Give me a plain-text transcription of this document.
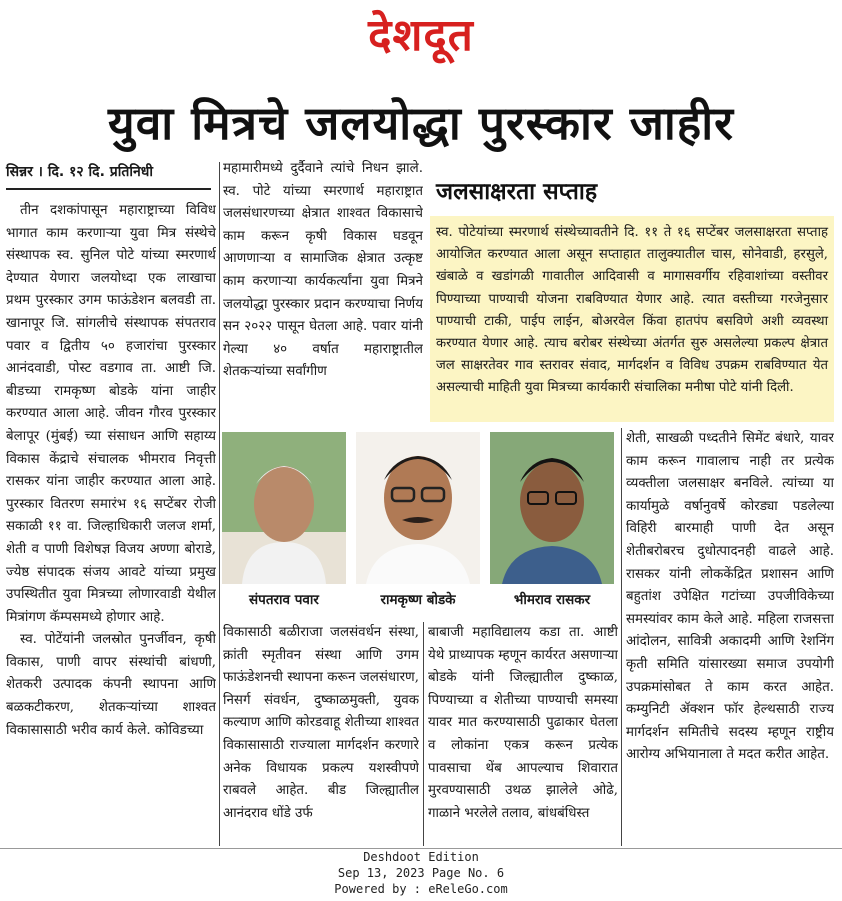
देशदूत
युवा मित्रचे जलयोद्धा पुरस्कार जाहीर
सिन्नर । दि. १२ दि. प्रतिनिधी

तीन दशकांपासून महाराष्ट्राच्या विविध भागात काम करणाऱ्या युवा मित्र संस्थेचे संस्थापक स्व. सुनिल पोटे यांच्या स्मरणार्थ देण्यात येणारा जलयोध्दा एक लाखाचा प्रथम पुरस्कार उगम फाऊंडेशन बलवडी ता. खानापूर जि. सांगलीचे संस्थापक संपतराव पवार व द्वितीय ५० हजारांचा पुरस्कार आनंदवाडी, पोस्ट वडगाव ता. आष्टी जि. बीडच्या रामकृष्ण बोडके यांना जाहीर करण्यात आला आहे. जीवन गौरव पुरस्कार बेलापूर (मुंबई) च्या संसाधन आणि सहाय्य विकास केंद्राचे संचालक भीमराव निवृत्ती रासकर यांना जाहीर करण्यात आला आहे. पुरस्कार वितरण समारंभ १६ सप्टेंबर रोजी सकाळी ११ वा. जिल्हाधिकारी जलज शर्मा, शेती व पाणी विशेषज्ञ विजय अण्णा बोराडे, ज्येष्ठ संपादक संजय आवटे यांच्या प्रमुख उपस्थितीत युवा मित्रच्या लोणारवाडी येथील मित्रांगण कॅम्पसमध्ये होणार आहे.

स्व. पोटेंयांनी जलस्रोत पुनर्जीवन, कृषी विकास, पाणी वापर संस्थांची बांधणी, शेतकरी उत्पादक कंपनी स्थापना आणि बळकटीकरण, शेतकऱ्यांच्या शाश्वत विकासासाठी भरीव कार्य केले. कोविडच्या

महामारीमध्ये दुर्दैवाने त्यांचे निधन झाले. स्व. पोटे यांच्या स्मरणार्थ महाराष्ट्रात जलसंधारणच्या क्षेत्रात शाश्वत विकासाचे काम करून कृषी विकास घडवून आणणाऱ्या व सामाजिक क्षेत्रात उत्कृष्ट काम करणाऱ्या कार्यकर्त्यांना युवा मित्रने जलयोद्धा पुरस्कार प्रदान करण्याचा निर्णय सन २०२२ पासून घेतला आहे. पवार यांनी गेल्या ४० वर्षात महाराष्ट्रातील शेतकऱ्यांच्या सर्वांगीण

जलसाक्षरता सप्ताह

स्व. पोटेयांच्या स्मरणार्थ संस्थेच्यावतीने दि. ११ ते १६ सप्टेंबर जलसाक्षरता सप्ताह आयोजित करण्यात आला असून सप्ताहात तालुक्यातील चास, सोनेवाडी, हरसुले, खंबाळे व खडांगळी गावातील आदिवासी व मागासवर्गीय रहिवाशांच्या वस्तीवर पिण्याच्या पाण्याची योजना राबविण्यात येणार आहे. त्यात वस्तीच्या गरजेनुसार पाण्याची टाकी, पाईप लाईन, बोअरवेल किंवा हातपंप बसविणे अशी व्यवस्था करण्यात येणार आहे. त्याच बरोबर संस्थेच्या अंतर्गत सुरु असलेल्या प्रकल्प क्षेत्रात जल साक्षरतेवर गाव स्तरावर संवाद, मार्गदर्शन व विविध उपक्रम राबविण्यात येत असल्याची माहिती युवा मित्रच्या कार्यकारी संचालिका मनीषा पोटे यांनी दिली.

संपतराव पवार	रामकृष्ण बोडके	भीमराव रासकर

शेती, साखळी पध्दतीने सिमेंट बंधारे, यावर काम करून गावालाच नाही तर प्रत्येक व्यक्तीला जलसाक्षर बनविले. त्यांच्या या कार्यामुळे वर्षानुवर्षे कोरड्या पडलेल्या विहिरी बारमाही पाणी देत असून शेतीबरोबरच दुधोत्पादनही वाढले आहे. रासकर यांनी लोककेंद्रित प्रशासन आणि बहुतांश उपेक्षित गटांच्या उपजीविकेच्या समस्यांवर काम केले आहे. महिला राजसत्ता आंदोलन, सावित्री अकादमी आणि रेशनिंग कृती समिति यांसारख्या समाज उपयोगी उपक्रमांसोबत ते काम करत आहेत. कम्युनिटी ॲक्शन फॉर हेल्थसाठी राज्य मार्गदर्शन समितीचे सदस्य म्हणून राष्ट्रीय आरोग्य अभियानाला ते मदत करीत आहेत.

विकासाठी बळीराजा जलसंवर्धन संस्था, क्रांती स्मृतीवन संस्था आणि उगम फाऊंडेशनची स्थापना करून जलसंधारण, निसर्ग संवर्धन, दुष्काळमुक्ती, युवक कल्याण आणि कोरडवाहू शेतीच्या शाश्वत विकासासाठी राज्याला मार्गदर्शन करणारे अनेक विधायक प्रकल्प यशस्वीपणे राबवले आहेत. बीड जिल्ह्यातील आनंदराव धोंडे उर्फ

बाबाजी महाविद्यालय कडा ता. आष्टी येथे प्राध्यापक म्हणून कार्यरत असणाऱ्या बोडके यांनी जिल्ह्यातील दुष्काळ, पिण्याच्या व शेतीच्या पाण्याची समस्या यावर मात करण्यासाठी पुढाकार घेतला व लोकांना एकत्र करून प्रत्येक पावसाचा थेंब आपल्याच शिवारात मुरवण्यासाठी उथळ झालेले ओढे, गाळाने भरलेले तलाव, बांधबंधिस्त

Deshdoot Edition
Sep 13, 2023 Page No. 6
Powered by : eReleGo.com
